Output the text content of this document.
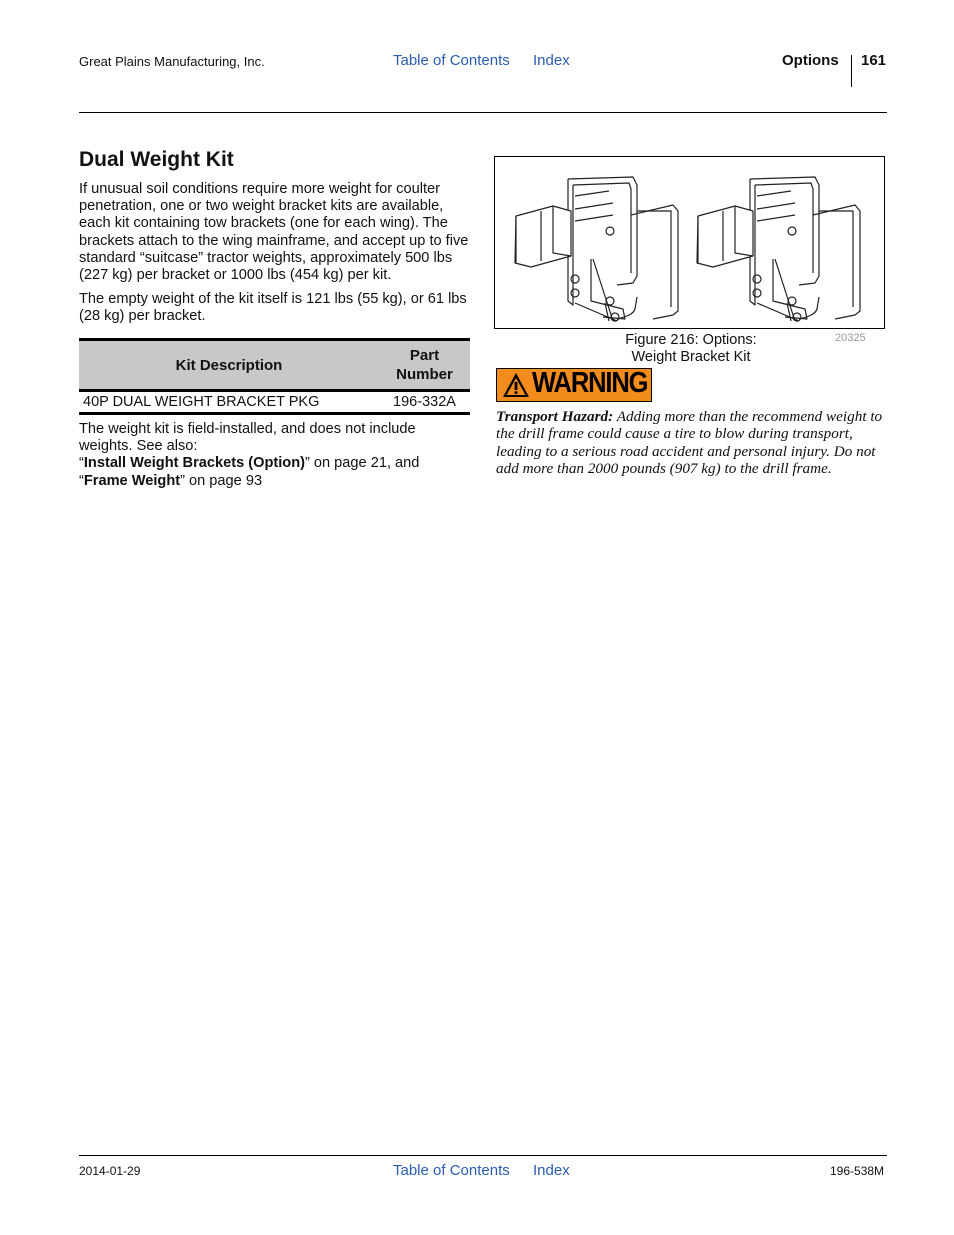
Great Plains Manufacturing, Inc.	Table of Contents Index	Options 161
Dual Weight Kit

If unusual soil conditions require more weight for coulter penetration, one or two weight bracket kits are available, each kit containing tow brackets (one for each wing). The brackets attach to the wing mainframe, and accept up to five standard “suitcase” tractor weights, approximately 500 lbs (227 kg) per bracket or 1000 lbs (454 kg) per kit.

The empty weight of the kit itself is 121 lbs (55 kg), or 61 lbs (28 kg) per bracket.

Kit Description	Part Number

40P DUAL WEIGHT BRACKET PKG	196-332A
The weight kit is field-installed, and does not include weights. See also:
“Install Weight Brackets (Option)” on page 21, and
“Frame Weight” on page 93
Figure 216: Options:
Weight Bracket Kit
20325
WARNING

Transport Hazard: Adding more than the recommend weight to the drill frame could cause a tire to blow during transport, leading to a serious road accident and personal injury. Do not add more than 2000 pounds (907 kg) to the drill frame.

2014-01-29	Table of Contents Index	196-538M
